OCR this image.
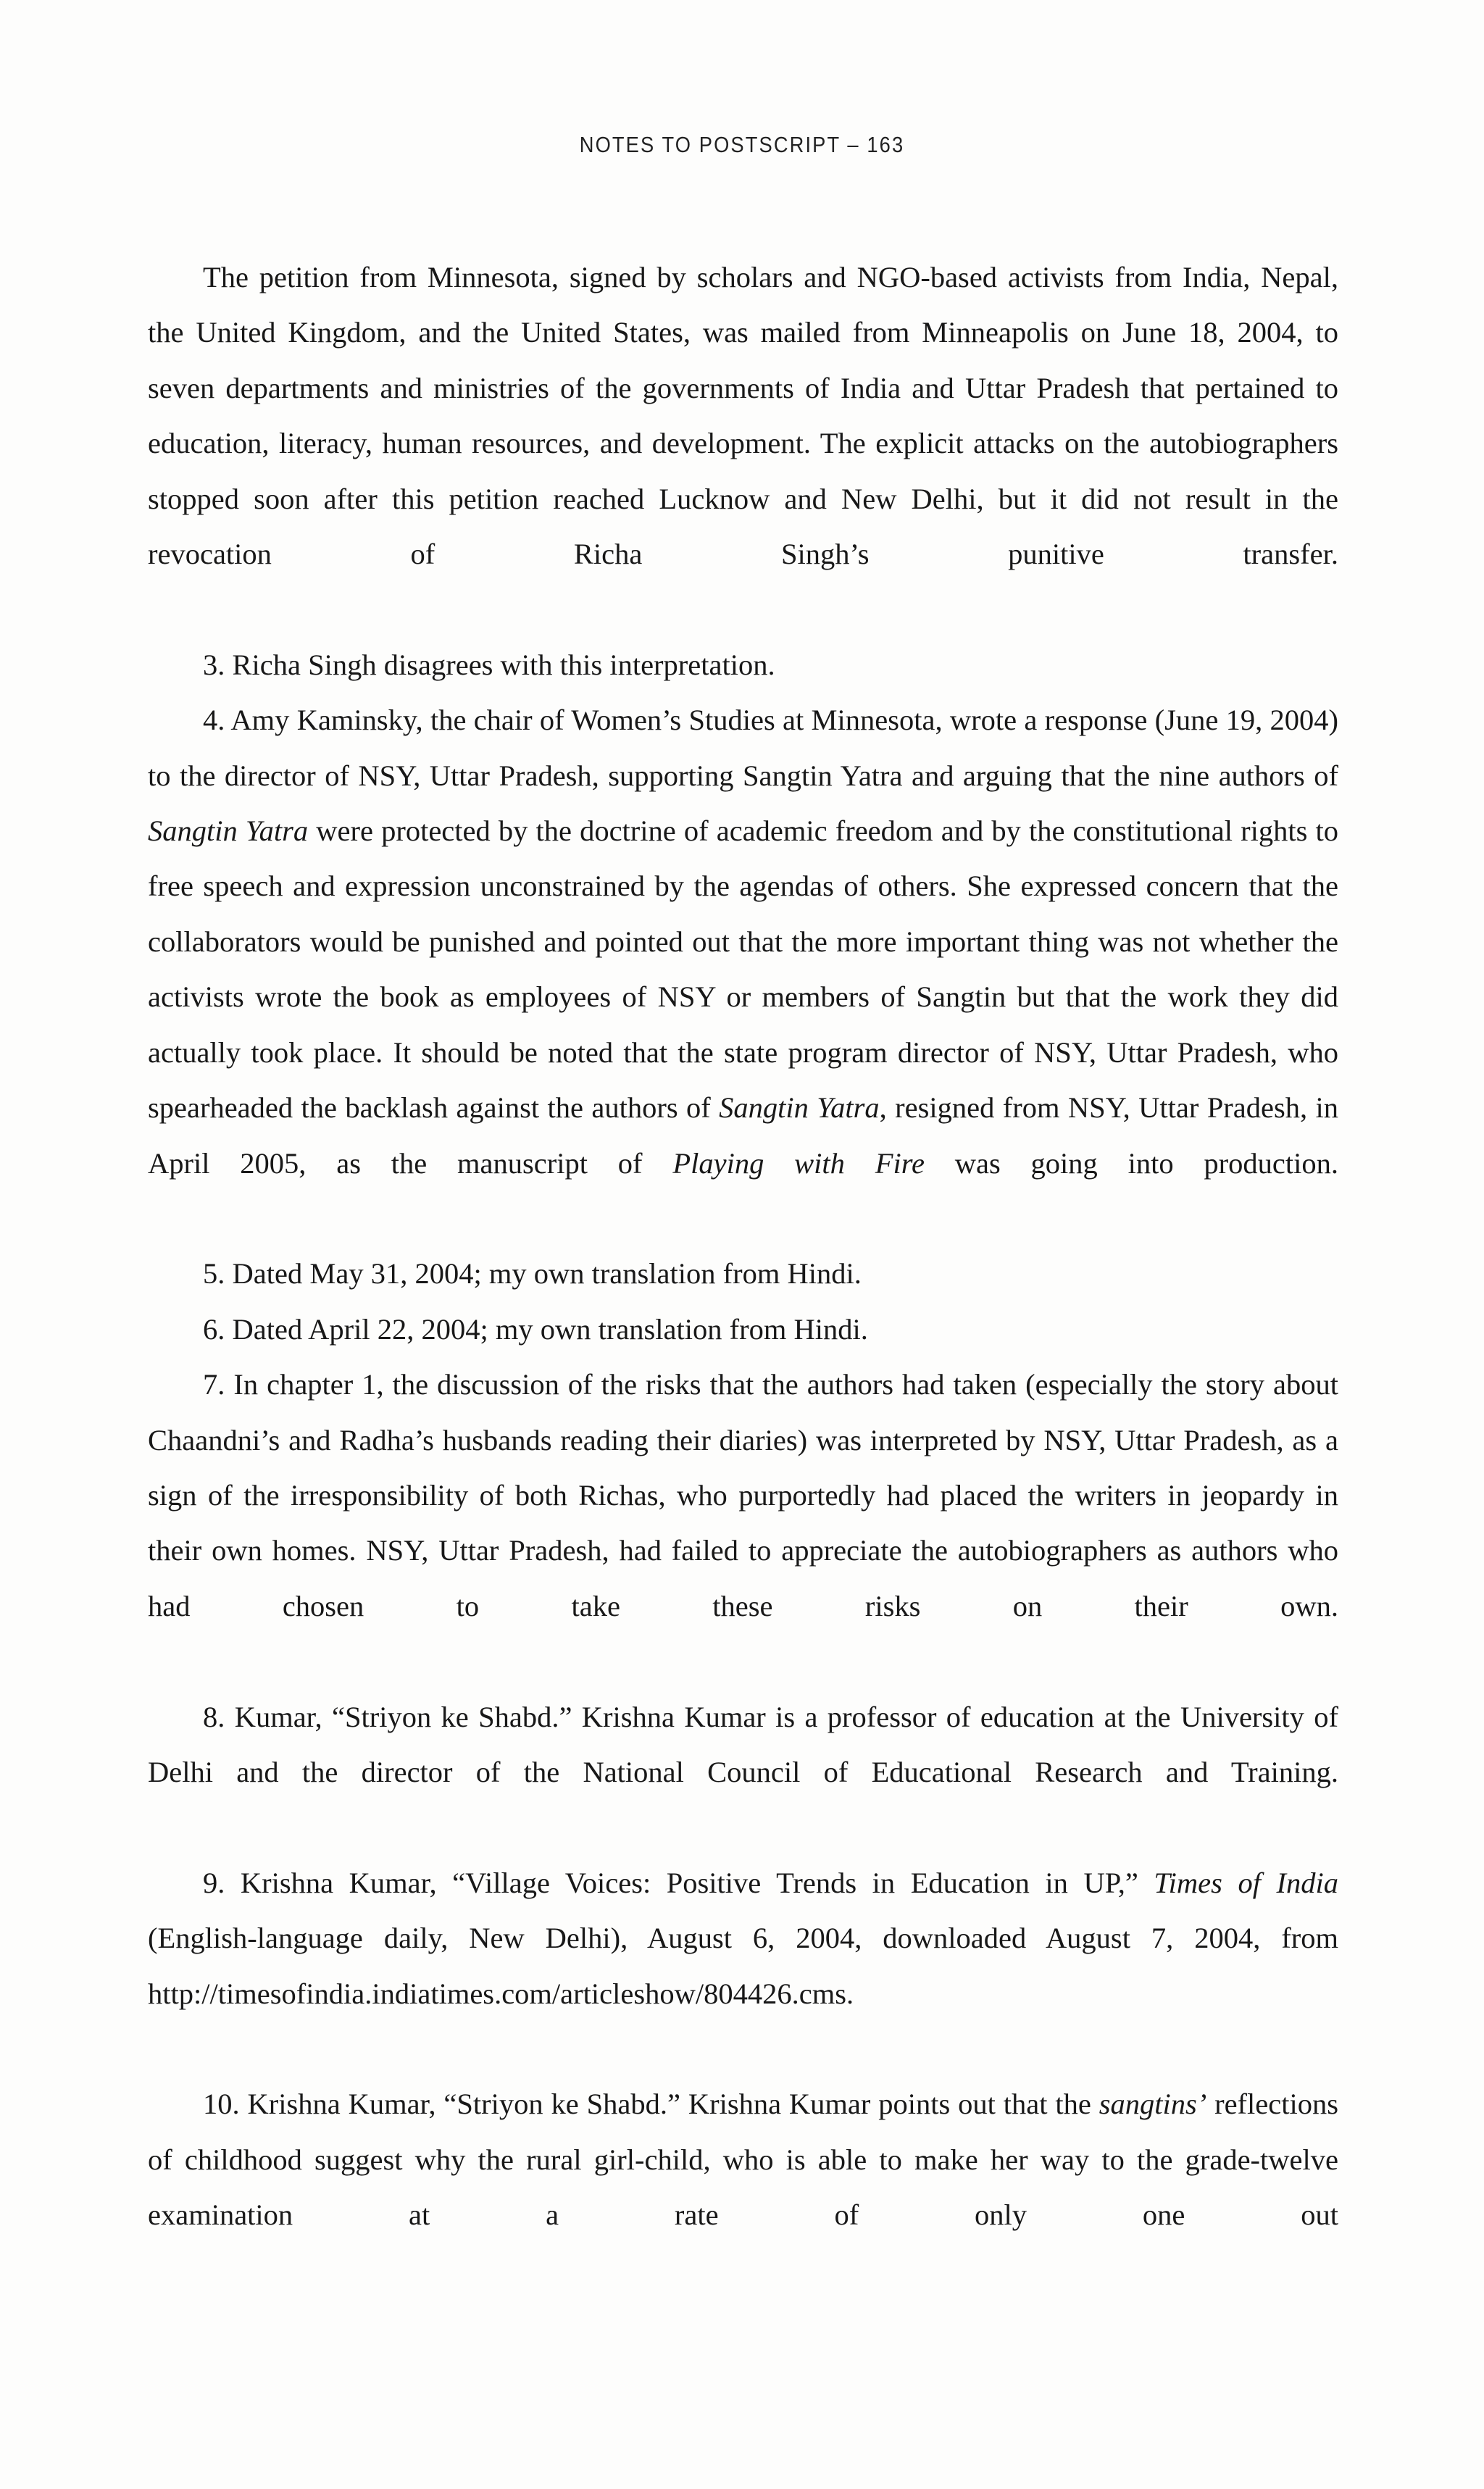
NOTES TO POSTSCRIPT – 163

The petition from Minnesota, signed by scholars and NGO-based activists from India, Nepal, the United Kingdom, and the United States, was mailed from Minneapolis on June 18, 2004, to seven departments and ministries of the governments of India and Uttar Pradesh that pertained to education, literacy, human resources, and development. The explicit attacks on the autobiographers stopped soon after this petition reached Lucknow and New Delhi, but it did not result in the revocation of Richa Singh’s punitive transfer.

3. Richa Singh disagrees with this interpretation.

4. Amy Kaminsky, the chair of Women’s Studies at Minnesota, wrote a response (June 19, 2004) to the director of NSY, Uttar Pradesh, supporting Sangtin Yatra and arguing that the nine authors of Sangtin Yatra were protected by the doctrine of academic freedom and by the constitutional rights to free speech and expression unconstrained by the agendas of others. She expressed concern that the collaborators would be punished and pointed out that the more important thing was not whether the activists wrote the book as employees of NSY or members of Sangtin but that the work they did actually took place. It should be noted that the state program director of NSY, Uttar Pradesh, who spearheaded the backlash against the authors of Sangtin Yatra, resigned from NSY, Uttar Pradesh, in April 2005, as the manuscript of Playing with Fire was going into production.

5. Dated May 31, 2004; my own translation from Hindi.

6. Dated April 22, 2004; my own translation from Hindi.

7. In chapter 1, the discussion of the risks that the authors had taken (especially the story about Chaandni’s and Radha’s husbands reading their diaries) was interpreted by NSY, Uttar Pradesh, as a sign of the irresponsibility of both Richas, who purportedly had placed the writers in jeopardy in their own homes. NSY, Uttar Pradesh, had failed to appreciate the autobiographers as authors who had chosen to take these risks on their own.

8. Kumar, “Striyon ke Shabd.” Krishna Kumar is a professor of education at the University of Delhi and the director of the National Council of Educational Research and Training.

9. Krishna Kumar, “Village Voices: Positive Trends in Education in UP,” Times of India (English-language daily, New Delhi), August 6, 2004, downloaded August 7, 2004, from http://timesofindia.indiatimes.com/articleshow/804426.cms.

10. Krishna Kumar, “Striyon ke Shabd.” Krishna Kumar points out that the sangtins’ reflections of childhood suggest why the rural girl-child, who is able to make her way to the grade-twelve examination at a rate of only one out
